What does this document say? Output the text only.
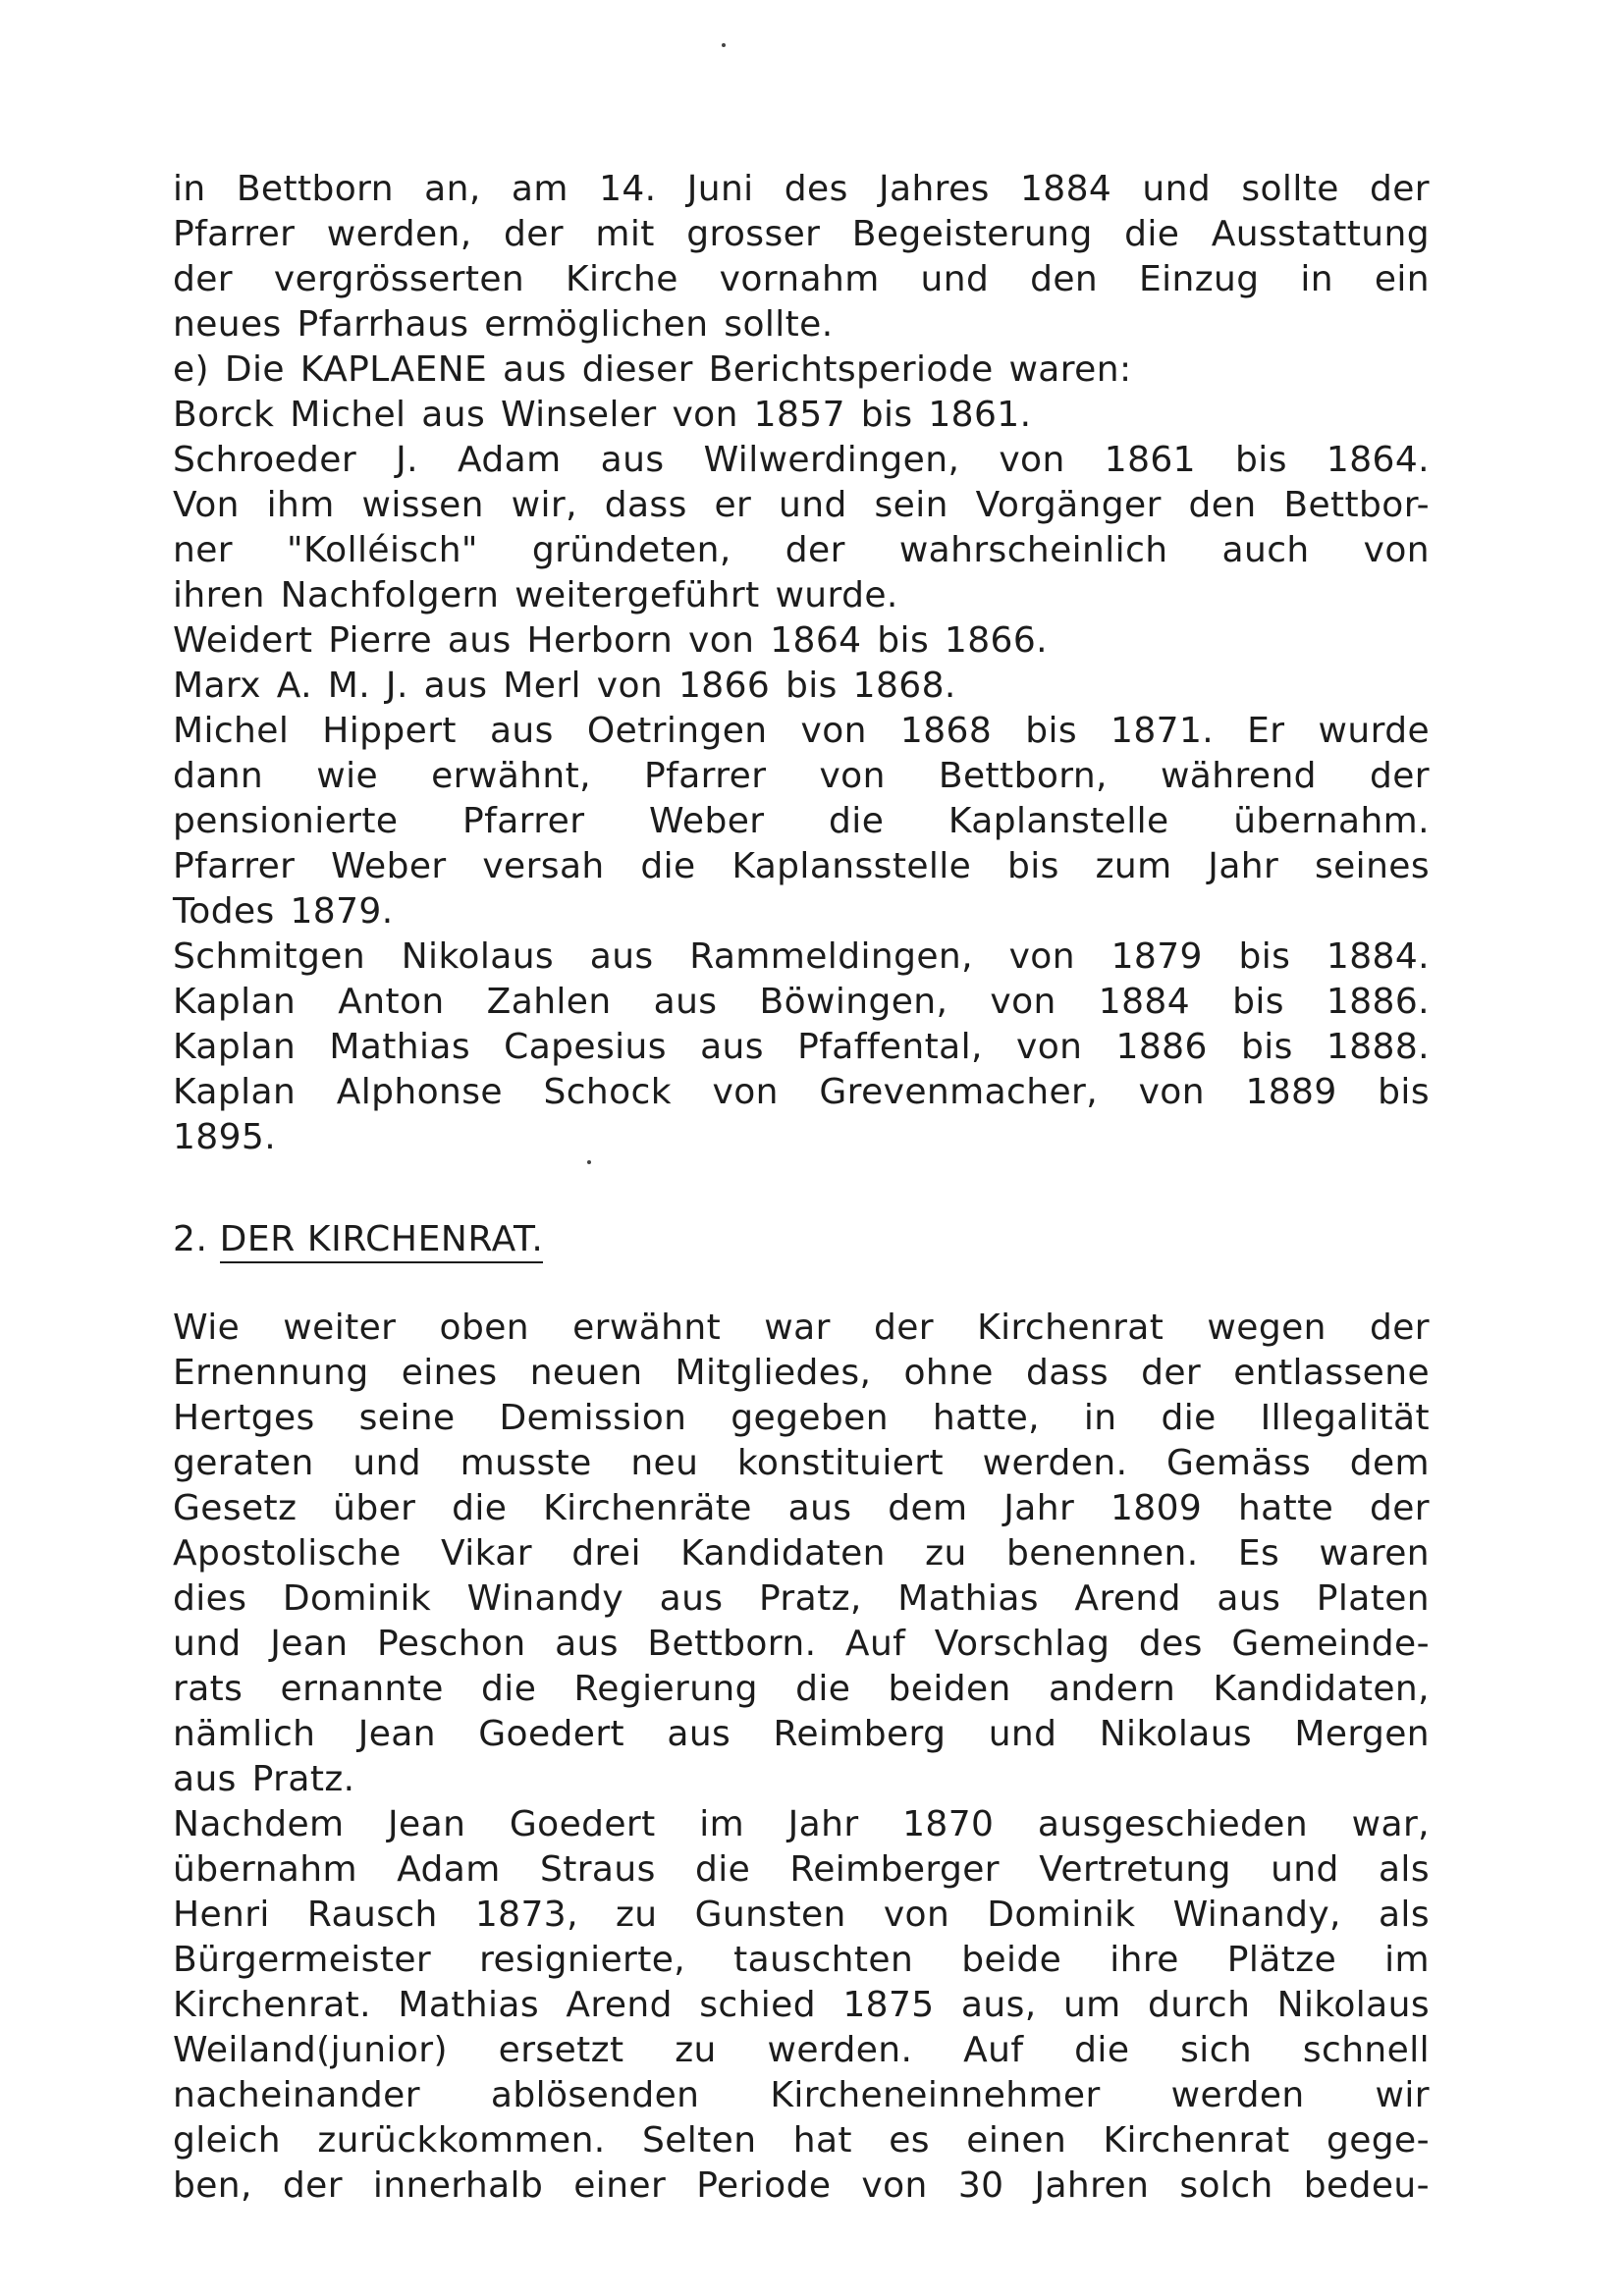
in Bettborn an, am 14. Juni des Jahres 1884 und sollte der
Pfarrer werden, der mit grosser Begeisterung die Ausstattung
der vergrösserten Kirche vornahm und den Einzug in ein
neues Pfarrhaus ermöglichen sollte.
e) Die KAPLAENE aus dieser Berichtsperiode waren:
Borck Michel aus Winseler von 1857 bis 1861.
Schroeder J. Adam aus Wilwerdingen, von 1861 bis 1864.
Von ihm wissen wir, dass er und sein Vorgänger den Bettbor-
ner "Kolléisch" gründeten, der wahrscheinlich auch von
ihren Nachfolgern weitergeführt wurde.
Weidert Pierre aus Herborn von 1864 bis 1866.
Marx A. M. J. aus Merl von 1866 bis 1868.
Michel Hippert aus Oetringen von 1868 bis 1871. Er wurde
dann wie erwähnt, Pfarrer von Bettborn, während der
pensionierte Pfarrer Weber die Kaplanstelle übernahm.
Pfarrer Weber versah die Kaplansstelle bis zum Jahr seines
Todes 1879.
Schmitgen Nikolaus aus Rammeldingen, von 1879 bis 1884.
Kaplan Anton Zahlen aus Böwingen, von 1884 bis 1886.
Kaplan Mathias Capesius aus Pfaffental, von 1886 bis 1888.
Kaplan Alphonse Schock von Grevenmacher, von 1889 bis
1895.
2. DER KIRCHENRAT.
Wie weiter oben erwähnt war der Kirchenrat wegen der
Ernennung eines neuen Mitgliedes, ohne dass der entlassene
Hertges seine Demission gegeben hatte, in die Illegalität
geraten und musste neu konstituiert werden. Gemäss dem
Gesetz über die Kirchenräte aus dem Jahr 1809 hatte der
Apostolische Vikar drei Kandidaten zu benennen. Es waren
dies Dominik Winandy aus Pratz, Mathias Arend aus Platen
und Jean Peschon aus Bettborn. Auf Vorschlag des Gemeinde-
rats ernannte die Regierung die beiden andern Kandidaten,
nämlich Jean Goedert aus Reimberg und Nikolaus Mergen
aus Pratz.
Nachdem Jean Goedert im Jahr 1870 ausgeschieden war,
übernahm Adam Straus die Reimberger Vertretung und als
Henri Rausch 1873, zu Gunsten von Dominik Winandy, als
Bürgermeister resignierte, tauschten beide ihre Plätze im
Kirchenrat. Mathias Arend schied 1875 aus, um durch Nikolaus
Weiland(junior) ersetzt zu werden. Auf die sich schnell
nacheinander ablösenden Kircheneinnehmer werden wir
gleich zurückkommen. Selten hat es einen Kirchenrat gege-
ben, der innerhalb einer Periode von 30 Jahren solch bedeu-
